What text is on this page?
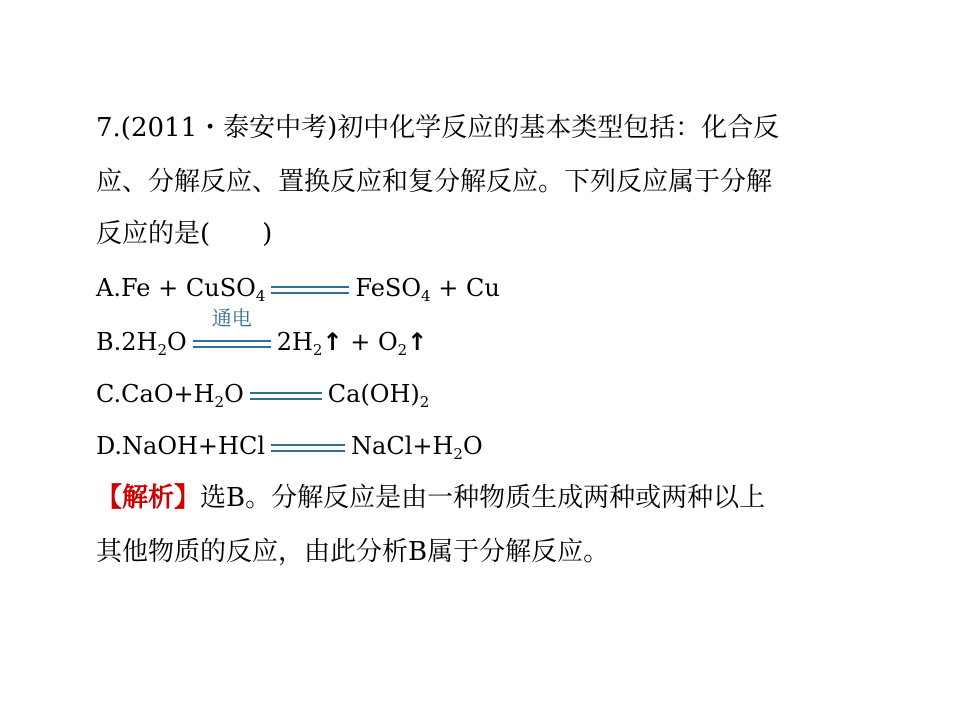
7.(2011・泰安中考)初中化学反应的基本类型包括：化合反
应、分解反应、置换反应和复分解反应。下列反应属于分解
反应的是(　　)
A.Fe + CuSO$_4$	FeSO$_4$ + Cu
$B.2H_2O$
通电
$2H_2↑$ + $O_2↑$
$C.CaO+H_2O$	$Ca(OH)_2$
D.NaOH+HCl	$NaCl+H_2O$
【解析】选B。分解反应是由一种物质生成两种或两种以上
其他物质的反应，由此分析B属于分解反应。
